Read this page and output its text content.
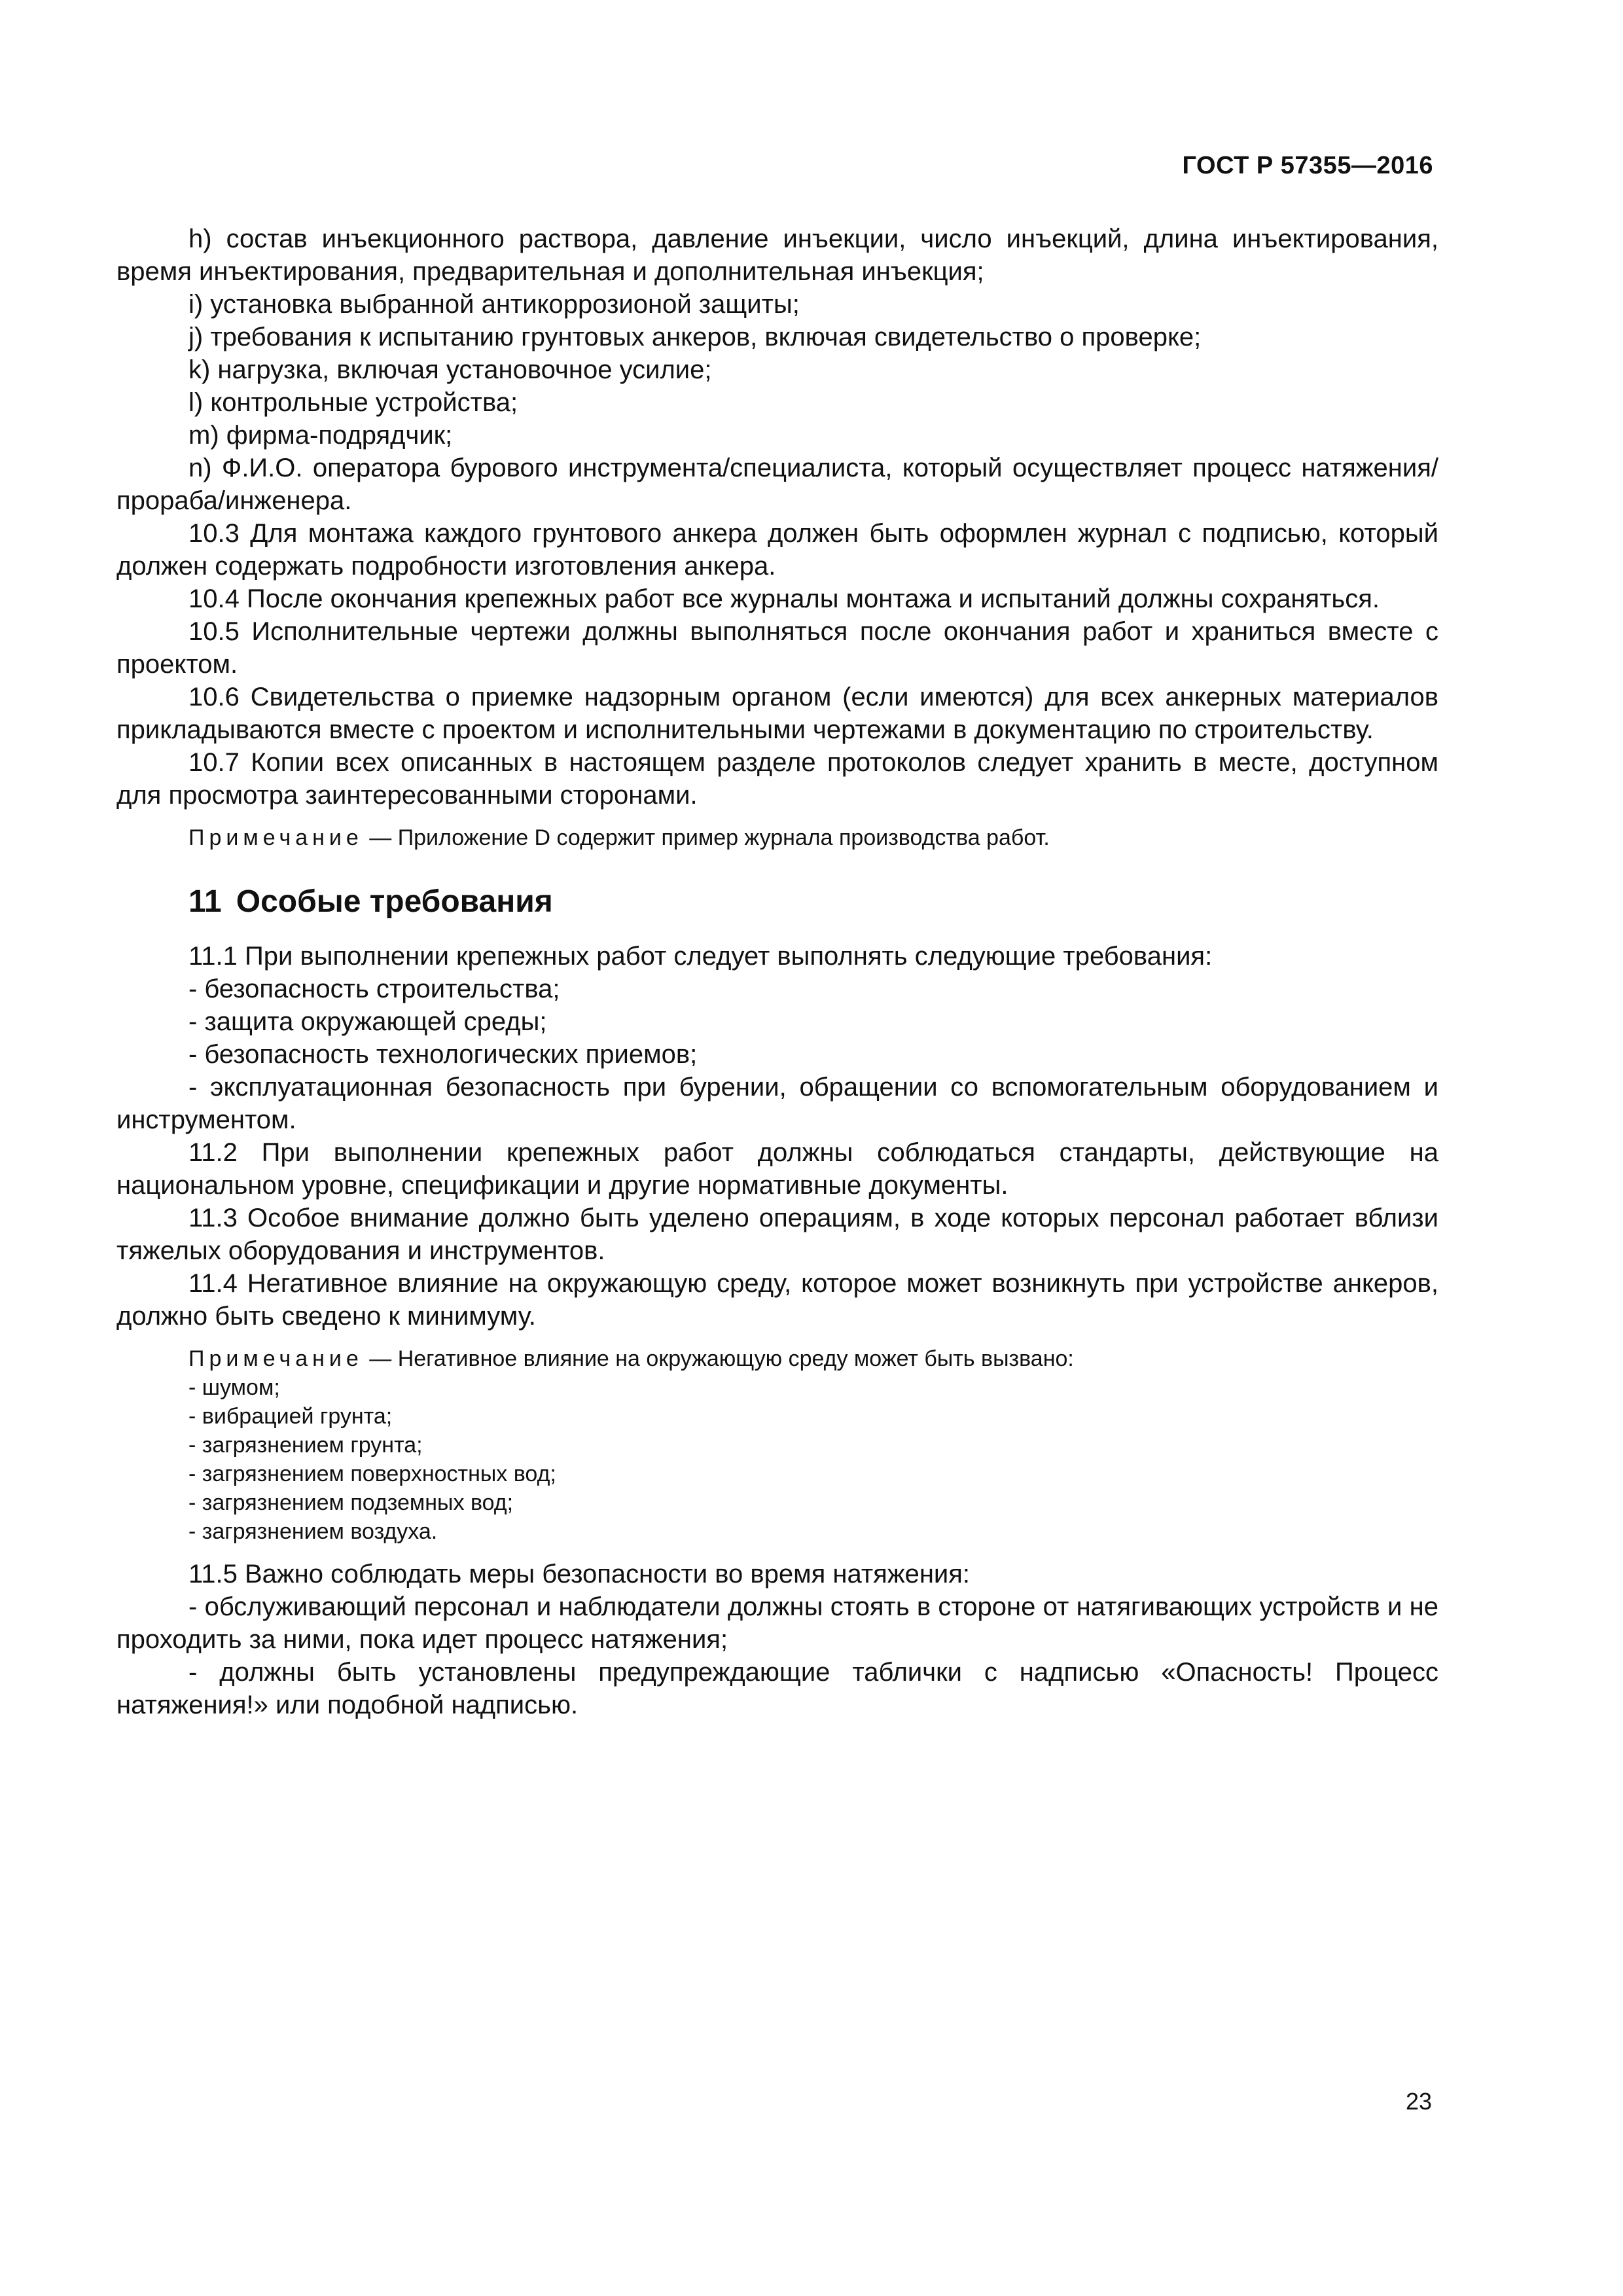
ГОСТ Р 57355—2016

h) состав инъекционного раствора, давление инъекции, число инъекций, длина инъектирования, время инъектирования, предварительная и дополнительная инъекция;

i) установка выбранной антикоррозионой защиты;

j) требования к испытанию грунтовых анкеров, включая свидетельство о проверке;

k) нагрузка, включая установочное усилие;

l) контрольные устройства;

m) фирма-подрядчик;

n) Ф.И.О. оператора бурового инструмента/специалиста, который осуществляет процесс натяжения/прораба/инженера.

10.3 Для монтажа каждого грунтового анкера должен быть оформлен журнал с подписью, который должен содержать подробности изготовления анкера.

10.4 После окончания крепежных работ все журналы монтажа и испытаний должны сохраняться.

10.5 Исполнительные чертежи должны выполняться после окончания работ и храниться вместе с проектом.

10.6 Свидетельства о приемке надзорным органом (если имеются) для всех анкерных материалов прикладываются вместе с проектом и исполнительными чертежами в документацию по строительству.

10.7 Копии всех описанных в настоящем разделе протоколов следует хранить в месте, доступном для просмотра заинтересованными сторонами.

Примечание — Приложение D содержит пример журнала производства работ.

11 Особые требования

11.1 При выполнении крепежных работ следует выполнять следующие требования:

- безопасность строительства;

- защита окружающей среды;

- безопасность технологических приемов;

- эксплуатационная безопасность при бурении, обращении со вспомогательным оборудованием и инструментом.

11.2 При выполнении крепежных работ должны соблюдаться стандарты, действующие на национальном уровне, спецификации и другие нормативные документы.

11.3 Особое внимание должно быть уделено операциям, в ходе которых персонал работает вблизи тяжелых оборудования и инструментов.

11.4 Негативное влияние на окружающую среду, которое может возникнуть при устройстве анкеров, должно быть сведено к минимуму.

Примечание — Негативное влияние на окружающую среду может быть вызвано:

- шумом;

- вибрацией грунта;

- загрязнением грунта;

- загрязнением поверхностных вод;

- загрязнением подземных вод;

- загрязнением воздуха.

11.5 Важно соблюдать меры безопасности во время натяжения:

- обслуживающий персонал и наблюдатели должны стоять в стороне от натягивающих устройств и не проходить за ними, пока идет процесс натяжения;

- должны быть установлены предупреждающие таблички с надписью «Опасность! Процесс натяжения!» или подобной надписью.

23
